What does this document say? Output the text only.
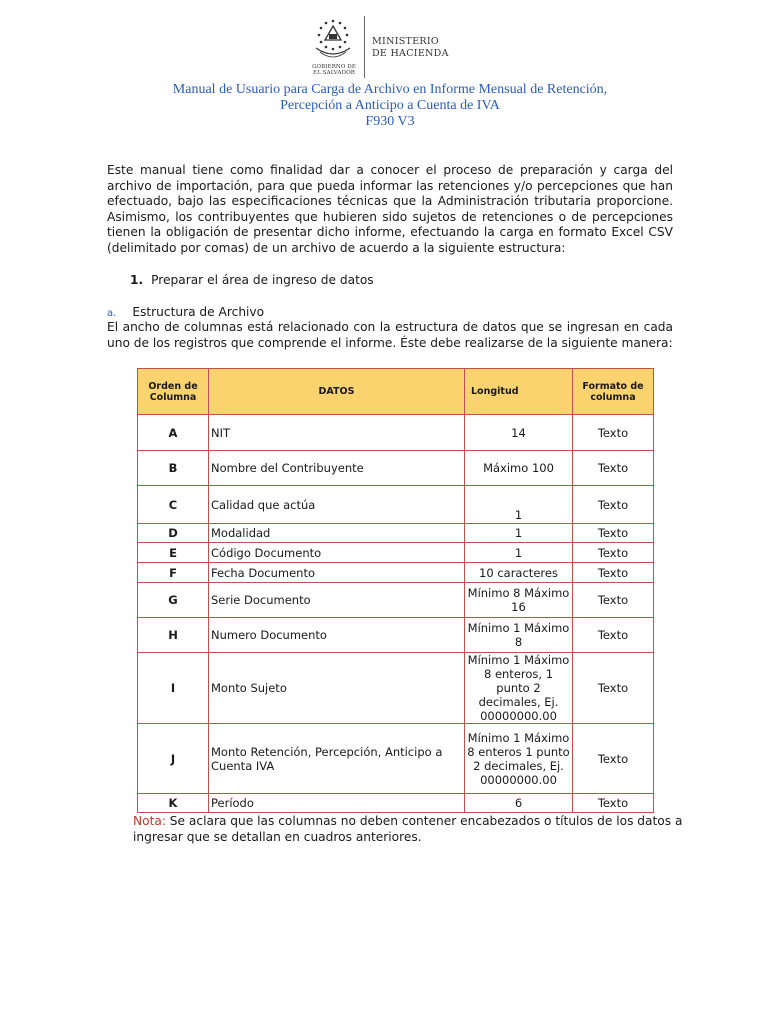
GOBIERNO DE
EL SALVADOR
MINISTERIO
DE HACIENDA
Manual de Usuario para Carga de Archivo en Informe Mensual de Retención,
Percepción a Anticipo a Cuenta de IVA
F930 V3

Este manual tiene como finalidad dar a conocer el proceso de preparación y carga del archivo de importación, para que pueda informar las retenciones y/o percepciones que han efectuado, bajo las especificaciones técnicas que la Administración tributaria proporcione. Asimismo, los contribuyentes que hubieren sido sujetos de retenciones o de percepciones tienen la obligación de presentar dicho informe, efectuando la carga en formato Excel CSV (delimitado por comas) de un archivo de acuerdo a la siguiente estructura:

1. Preparar el área de ingreso de datos
a. Estructura de Archivo

El ancho de columnas está relacionado con la estructura de datos que se ingresan en cada uno de los registros que comprende el informe. Éste debe realizarse de la siguiente manera:

Orden de Columna	DATOS	Longitud	Formato de columna
A	NIT	14	Texto
B	Nombre del Contribuyente	Máximo 100	Texto
C	Calidad que actúa	1	Texto
D	Modalidad	1	Texto
E	Código Documento	1	Texto
F	Fecha Documento	10 caracteres	Texto
G	Serie Documento	Mínimo 8 Máximo 16	Texto
H	Numero Documento	Mínimo 1 Máximo 8	Texto
I	Monto Sujeto	Mínimo 1 Máximo 8 enteros, 1 punto 2 decimales, Ej. 00000000.00	Texto
J	Monto Retención, Percepción, Anticipo a Cuenta IVA	Mínimo 1 Máximo 8 enteros 1 punto 2 decimales, Ej. 00000000.00	Texto
K	Período	6	Texto
Nota: Se aclara que las columnas no deben contener encabezados o títulos de los datos a ingresar que se detallan en cuadros anteriores.
